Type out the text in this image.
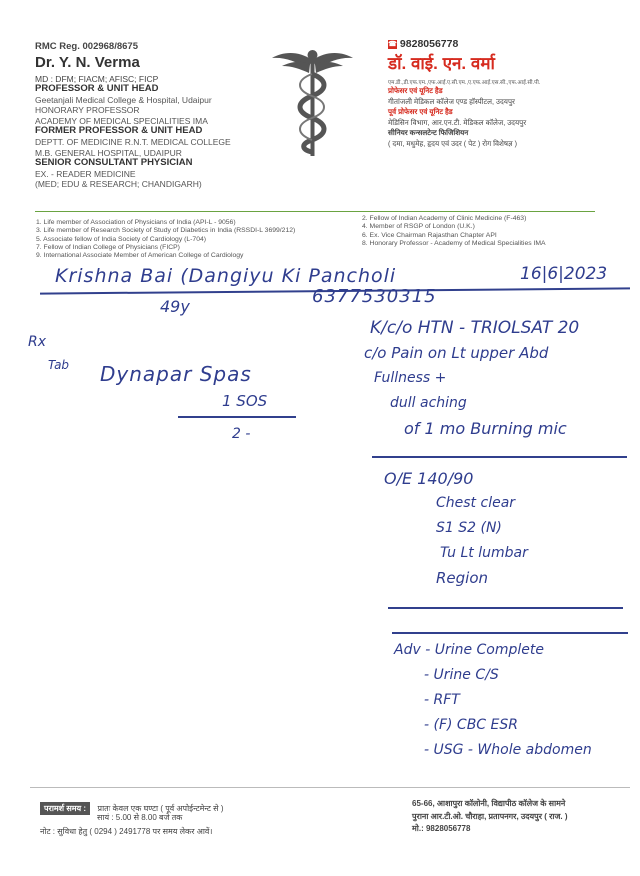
RMC Reg. 002968/8675
Dr. Y. N. Verma
MD : DFM; FIACM; AFISC; FICP
PROFESSOR & UNIT HEAD
Geetanjali Medical College & Hospital, Udaipur
HONORARY PROFESSOR
ACADEMY OF MEDICAL SPECIALITIES IMA
FORMER PROFESSOR & UNIT HEAD
DEPTT. OF MEDICINE R.N.T. MEDICAL COLLEGE
M.B. GENERAL HOSPITAL, UDAIPUR
SENIOR CONSULTANT PHYSICIAN
EX. - READER MEDICINE
(MED; EDU & RESEARCH; CHANDIGARH)
☎ 9828056778
डॉ. वाई. एन. वर्मा
एम.डी.,डी.एफ.एम.,एफ.आई.ए.सी.एम.,ए.एफ.आई.एस.सी.,एफ.आई.सी.पी.
प्रोफेसर एवं यूनिट हैड
गीतांजली मेडिकल कॉलेज एण्ड हॉस्पीटल, उदयपुर
पूर्व प्रोफेसर एवं यूनिट हैड
मेडिसिन विभाग, आर.एन.टी. मेडिकल कॉलेज, उदयपुर
सीनियर कन्सलटेन्ट फिजिशियन
( दमा, मधुमेह, हृदय एवं उदर ( पेट ) रोग विशेषज्ञ )
1. Life member of Association of Physicians of India (API-L - 9056)
3. Life member of Research Society of Study of Diabetics in India (RSSDI-L 3699/212)
5. Associate fellow of India Society of Cardiology (L-704)
7. Fellow of Indian College of Physicians (FICP)
9. International Associate Member of American College of Cardiology
2. Fellow of Indian Academy of Clinic Medicine (F-463)
4. Member of RSGP of London (U.K.)
6. Ex. Vice Chairman Rajasthan Chapter API
8. Honorary Professor - Academy of Medical Specialities IMA
Krishna Bai (Dangiyu Ki Pancholi	16|6|2023
49y	6377530315
Rx
Tab Dynapar Spas
1 SOS
2 -
K/c/o HTN - TRIOLSAT 20
c/o Pain on Lt upper Abd
Fullness +
dull aching
of 1 mo Burning mic
O/E 140/90
Chest clear
S1 S2 (N)
Tu Lt lumbar
Region
Adv - Urine Complete
- Urine C/S
- RFT
- (F) CBC ESR
- USG - Whole abdomen
परामर्श समय : प्रातः केवल एक घण्टा ( पूर्व अपोईन्टमेन्ट से )
सायं : 5.00 से 8.00 बजे तक
नोट : सुविधा हेतु ( 0294 ) 2491778 पर समय लेकर आवें।
65-66, आशापुरा कॉलोनी, विद्यापीठ कॉलेज के सामने
पुराना आर.टी.ओ. चौराहा, प्रतापनगर, उदयपुर ( राज. )
मो.: 9828056778
